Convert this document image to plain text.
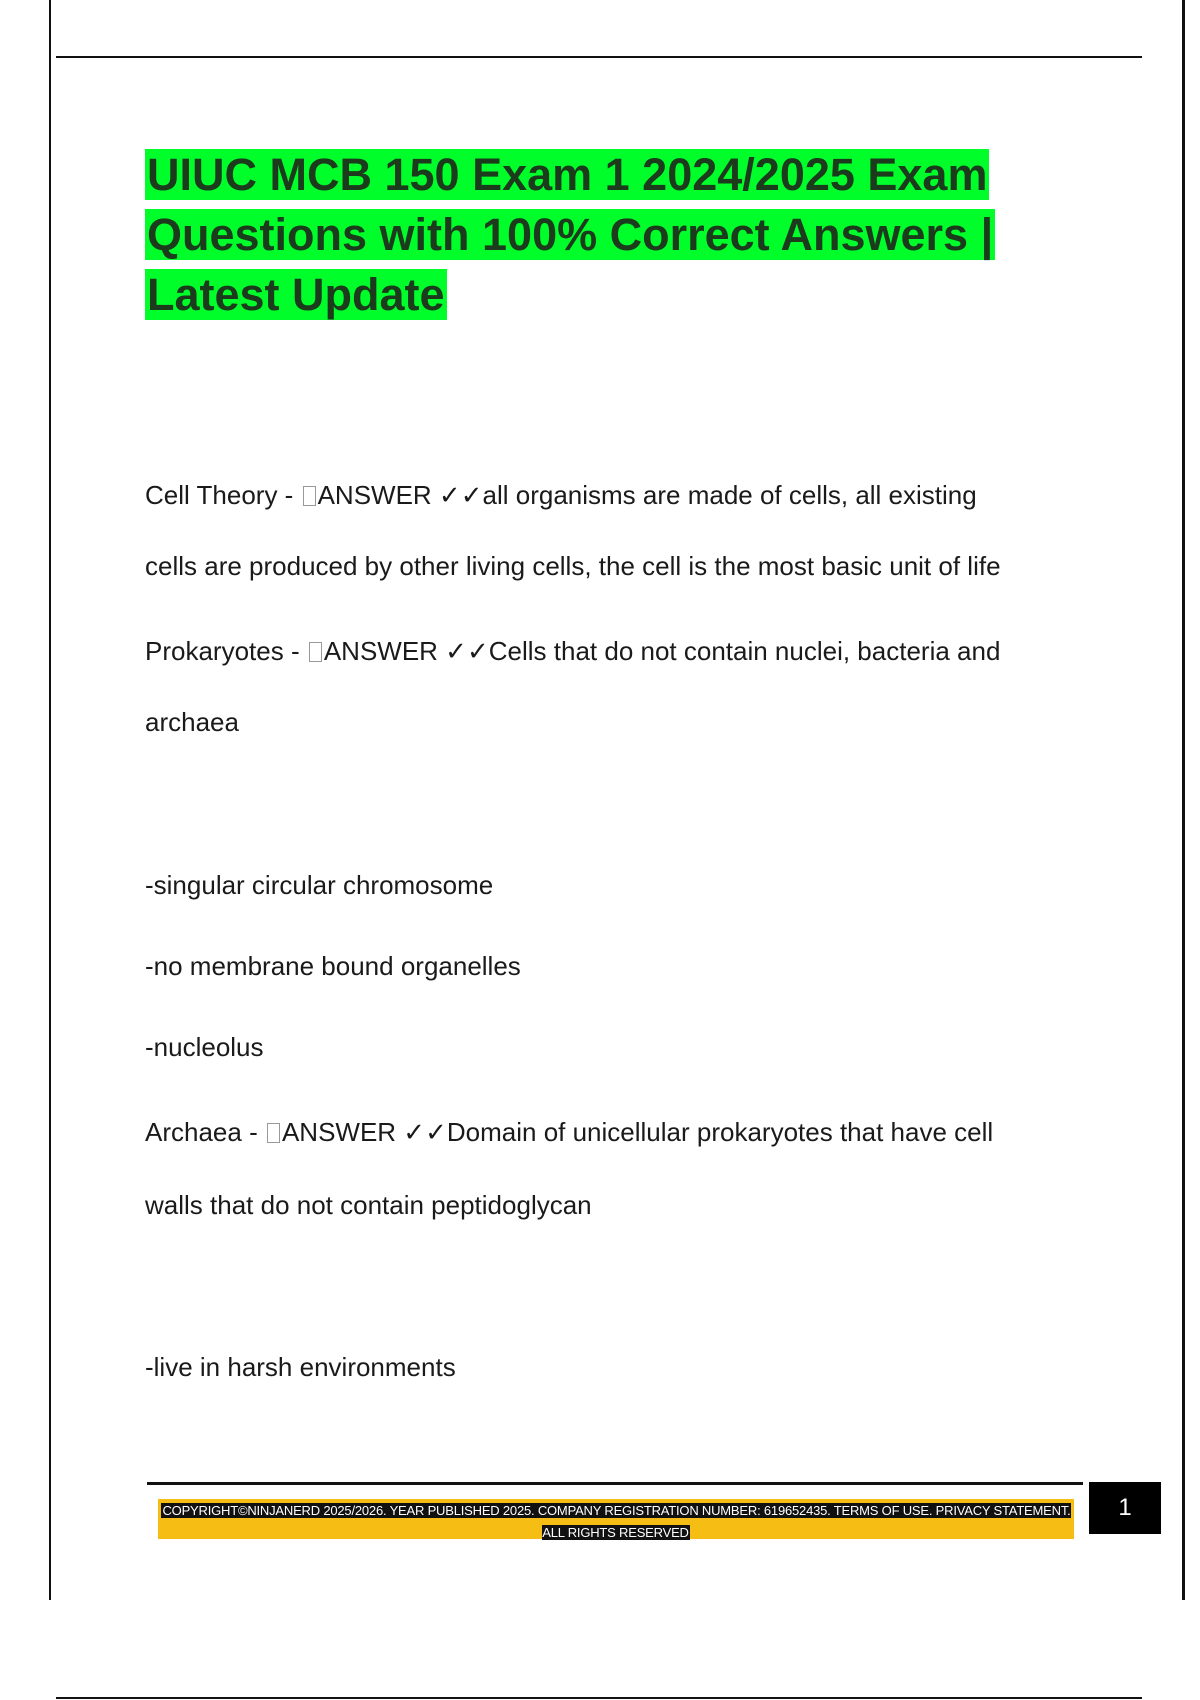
UIUC MCB 150 Exam 1 2024/2025 Exam Questions with 100% Correct Answers | Latest Update

Cell Theory - ANSWER ✓✓all organisms are made of cells, all existing

cells are produced by other living cells, the cell is the most basic unit of life

Prokaryotes - ANSWER ✓✓Cells that do not contain nuclei, bacteria and

archaea

-singular circular chromosome

-no membrane bound organelles

-nucleolus

Archaea - ANSWER ✓✓Domain of unicellular prokaryotes that have cell

walls that do not contain peptidoglycan

-live in harsh environments

COPYRIGHT©NINJANERD 2025/2026. YEAR PUBLISHED 2025. COMPANY REGISTRATION NUMBER: 619652435. TERMS OF USE. PRIVACY STATEMENT. ALL RIGHTS RESERVED
1
